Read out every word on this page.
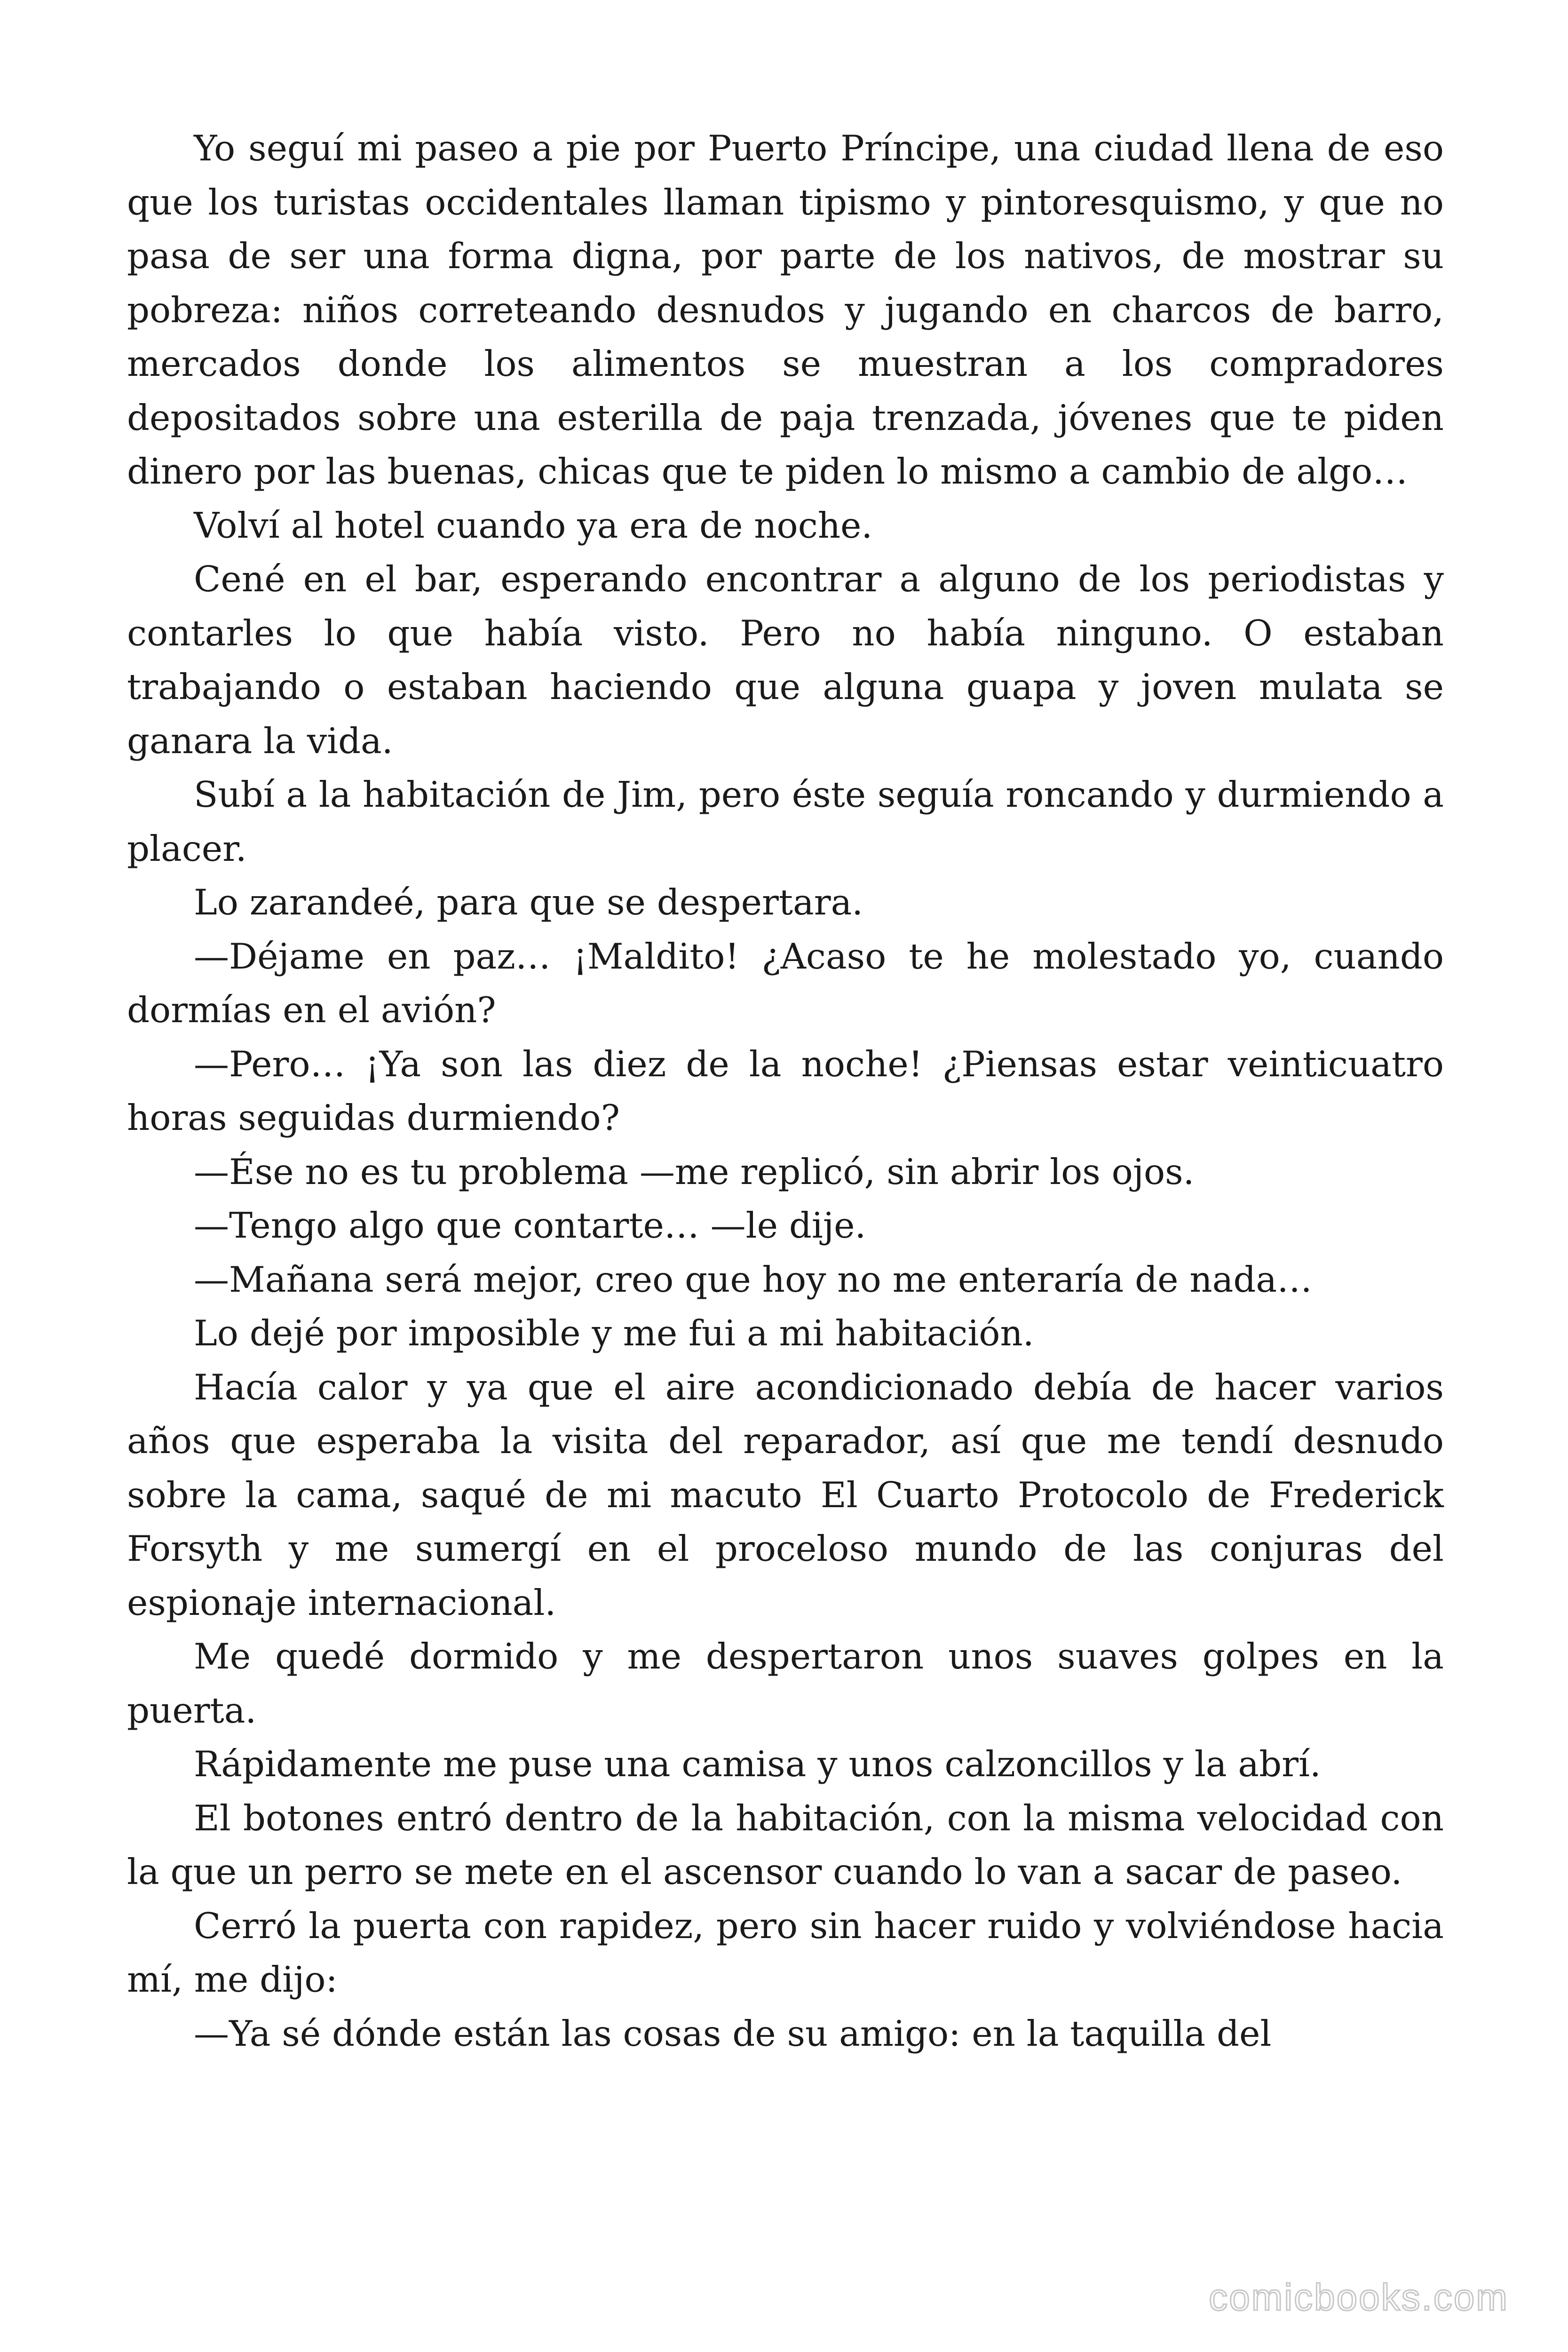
Yo seguí mi paseo a pie por Puerto Príncipe, una ciudad llena de eso que los turistas occidentales llaman tipismo y pintoresquismo, y que no pasa de ser una forma digna, por parte de los nativos, de mostrar su pobreza: niños correteando desnudos y jugando en charcos de barro, mercados donde los alimentos se muestran a los compradores depositados sobre una esterilla de paja trenzada, jóvenes que te piden dinero por las buenas, chicas que te piden lo mismo a cambio de algo…

Volví al hotel cuando ya era de noche.

Cené en el bar, esperando encontrar a alguno de los periodistas y contarles lo que había visto. Pero no había ninguno. O estaban trabajando o estaban haciendo que alguna guapa y joven mulata se ganara la vida.

Subí a la habitación de Jim, pero éste seguía roncando y durmiendo a placer.

Lo zarandeé, para que se despertara.

—Déjame en paz… ¡Maldito! ¿Acaso te he molestado yo, cuando dormías en el avión?

—Pero… ¡Ya son las diez de la noche! ¿Piensas estar veinticuatro horas seguidas durmiendo?

—Ése no es tu problema —me replicó, sin abrir los ojos.

—Tengo algo que contarte… —le dije.

—Mañana será mejor, creo que hoy no me enteraría de nada…

Lo dejé por imposible y me fui a mi habitación.

Hacía calor y ya que el aire acondicionado debía de hacer varios años que esperaba la visita del reparador, así que me tendí desnudo sobre la cama, saqué de mi macuto El Cuarto Protocolo de Frederick Forsyth y me sumergí en el proceloso mundo de las conjuras del espionaje internacional.

Me quedé dormido y me despertaron unos suaves golpes en la puerta.

Rápidamente me puse una camisa y unos calzoncillos y la abrí.

El botones entró dentro de la habitación, con la misma velocidad con la que un perro se mete en el ascensor cuando lo van a sacar de paseo.

Cerró la puerta con rapidez, pero sin hacer ruido y volviéndose hacia mí, me dijo:

—Ya sé dónde están las cosas de su amigo: en la taquilla del

comicbooks.com
